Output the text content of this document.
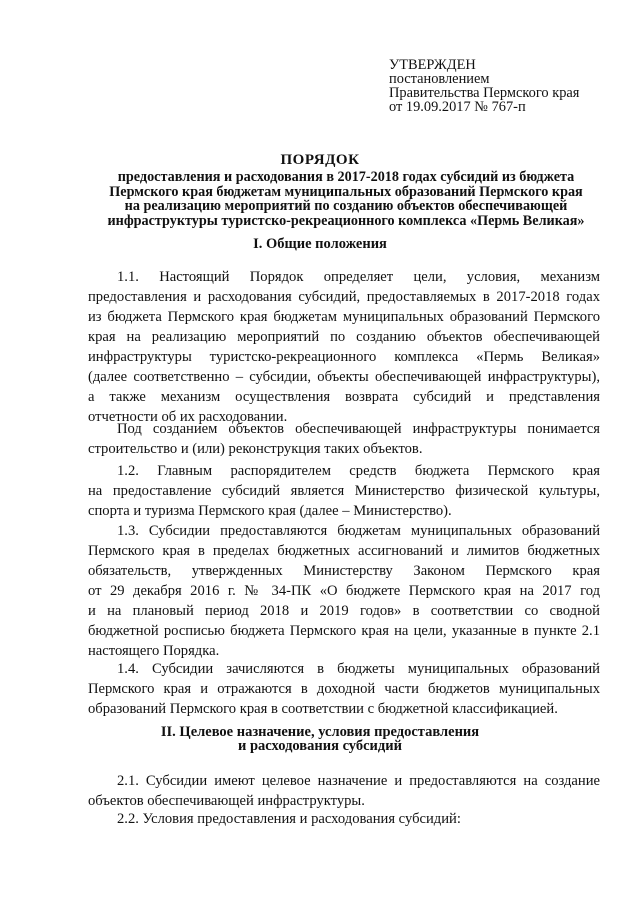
УТВЕРЖДЕН
постановлением
Правительства Пермского края
от 19.09.2017 № 767-п
ПОРЯДОК
предоставления и расходования в 2017-2018 годах субсидий из бюджета
Пермского края бюджетам муниципальных образований Пермского края
на реализацию мероприятий по созданию объектов обеспечивающей
инфраструктуры туристско-рекреационного комплекса «Пермь Великая»
I. Общие положения
1.1. Настоящий Порядок определяет цели, условия, механизм
предоставления и расходования субсидий, предоставляемых в 2017-2018 годах
из бюджета Пермского края бюджетам муниципальных образований Пермского
края на реализацию мероприятий по созданию объектов обеспечивающей
инфраструктуры туристско-рекреационного комплекса «Пермь Великая»
(далее соответственно – субсидии, объекты обеспечивающей инфраструктуры),
а также механизм осуществления возврата субсидий и представления
отчетности об их расходовании.
Под созданием объектов обеспечивающей инфраструктуры понимается
строительство и (или) реконструкция таких объектов.
1.2. Главным распорядителем средств бюджета Пермского края
на предоставление субсидий является Министерство физической культуры,
спорта и туризма Пермского края (далее – Министерство).
1.3. Субсидии предоставляются бюджетам муниципальных образований
Пермского края в пределах бюджетных ассигнований и лимитов бюджетных
обязательств, утвержденных Министерству Законом Пермского края
от 29 декабря 2016 г. № 34-ПК «О бюджете Пермского края на 2017 год
и на плановый период 2018 и 2019 годов» в соответствии со сводной
бюджетной росписью бюджета Пермского края на цели, указанные в пункте 2.1
настоящего Порядка.
1.4. Субсидии зачисляются в бюджеты муниципальных образований
Пермского края и отражаются в доходной части бюджетов муниципальных
образований Пермского края в соответствии с бюджетной классификацией.
II. Целевое назначение, условия предоставления
и расходования субсидий
2.1. Субсидии имеют целевое назначение и предоставляются на создание
объектов обеспечивающей инфраструктуры.
2.2. Условия предоставления и расходования субсидий:
